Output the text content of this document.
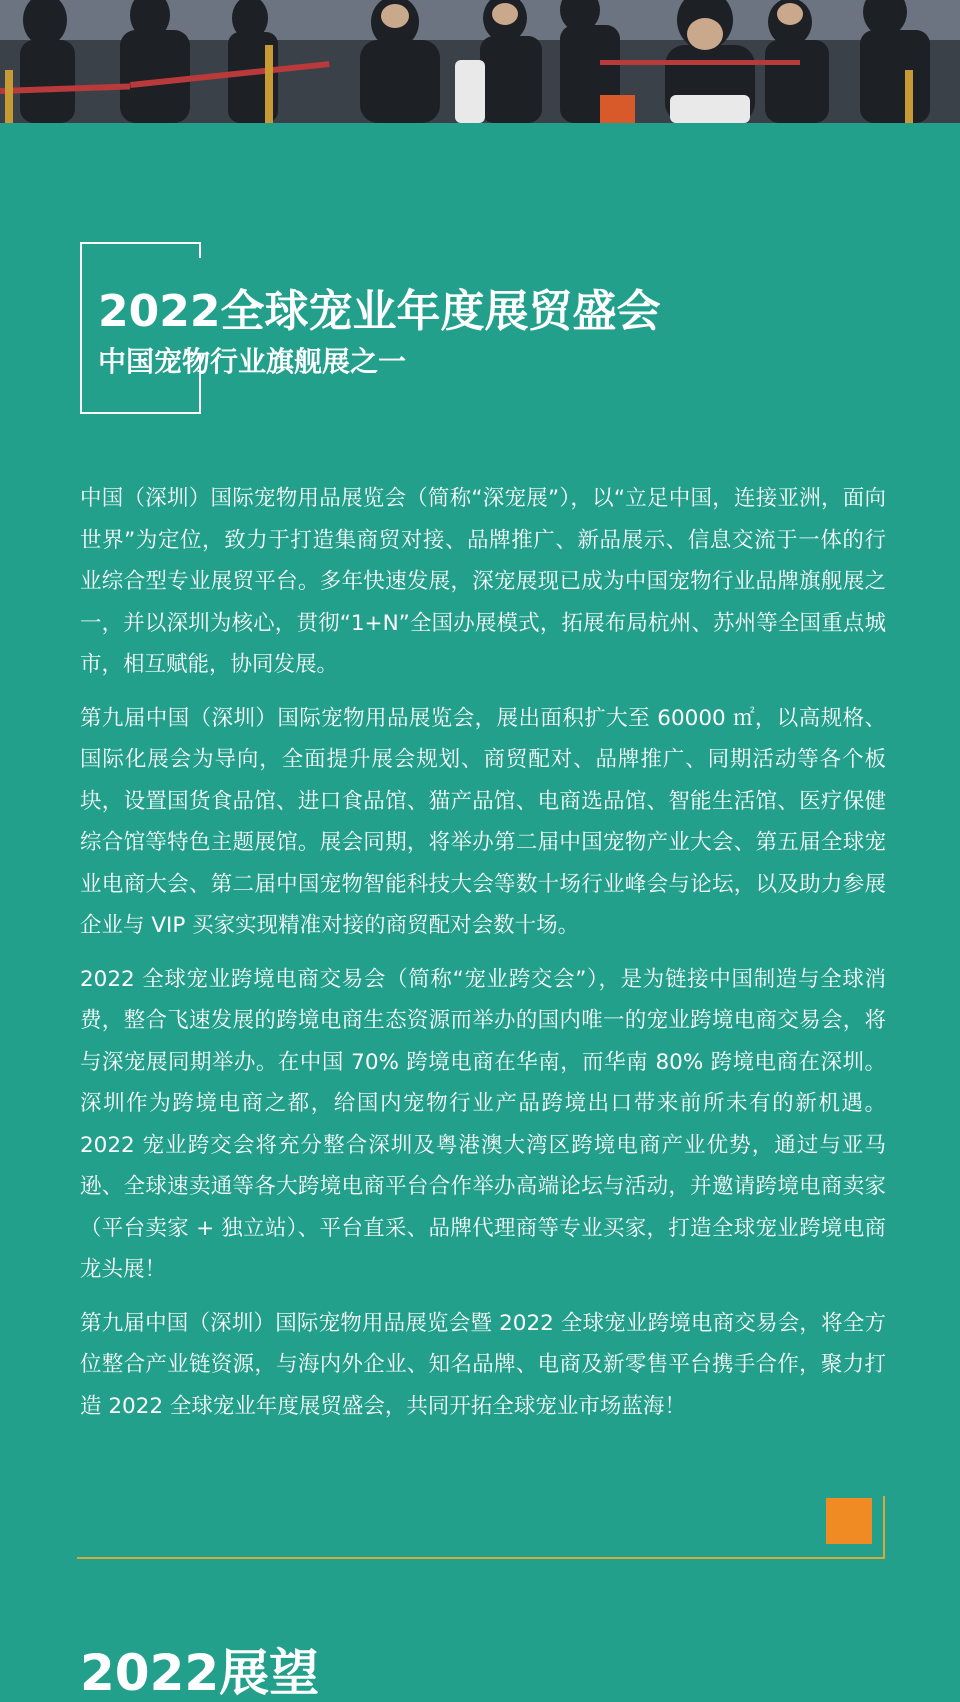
2022全球宠业年度展贸盛会
中国宠物行业旗舰展之一

中国（深圳）国际宠物用品展览会（简称“深宠展”），以“立足中国，连接亚洲，面向世界”为定位，致力于打造集商贸对接、品牌推广、新品展示、信息交流于一体的行业综合型专业展贸平台。多年快速发展，深宠展现已成为中国宠物行业品牌旗舰展之一，并以深圳为核心，贯彻“1+N”全国办展模式，拓展布局杭州、苏州等全国重点城市，相互赋能，协同发展。

第九届中国（深圳）国际宠物用品展览会，展出面积扩大至 60000 ㎡，以高规格、国际化展会为导向，全面提升展会规划、商贸配对、品牌推广、同期活动等各个板块，设置国货食品馆、进口食品馆、猫产品馆、电商选品馆、智能生活馆、医疗保健综合馆等特色主题展馆。展会同期，将举办第二届中国宠物产业大会、第五届全球宠业电商大会、第二届中国宠物智能科技大会等数十场行业峰会与论坛，以及助力参展企业与 VIP 买家实现精准对接的商贸配对会数十场。

2022 全球宠业跨境电商交易会（简称“宠业跨交会”），是为链接中国制造与全球消费，整合飞速发展的跨境电商生态资源而举办的国内唯一的宠业跨境电商交易会，将与深宠展同期举办。在中国 70% 跨境电商在华南，而华南 80% 跨境电商在深圳。深圳作为跨境电商之都，给国内宠物行业产品跨境出口带来前所未有的新机遇。2022 宠业跨交会将充分整合深圳及粤港澳大湾区跨境电商产业优势，通过与亚马逊、全球速卖通等各大跨境电商平台合作举办高端论坛与活动，并邀请跨境电商卖家（平台卖家 + 独立站）、平台直采、品牌代理商等专业买家，打造全球宠业跨境电商龙头展！

第九届中国（深圳）国际宠物用品展览会暨 2022 全球宠业跨境电商交易会，将全方位整合产业链资源，与海内外企业、知名品牌、电商及新零售平台携手合作，聚力打造 2022 全球宠业年度展贸盛会，共同开拓全球宠业市场蓝海！

2022展望
